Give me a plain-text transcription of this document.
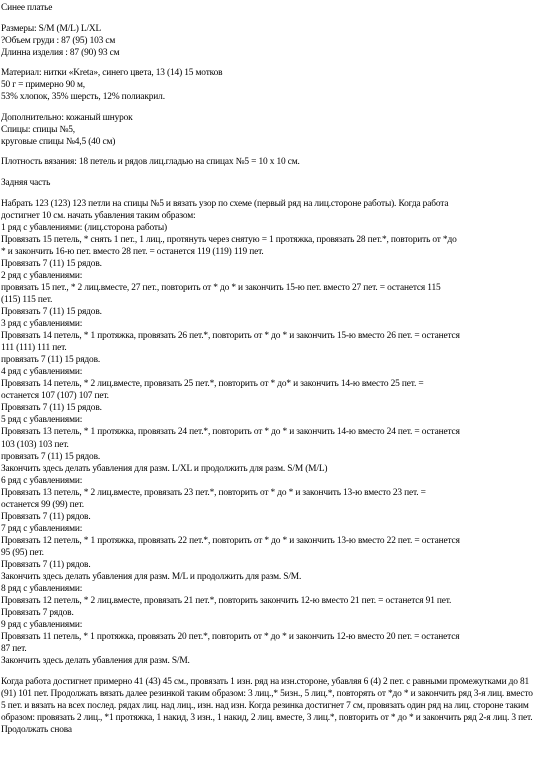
Синее платье
Размеры: S/M (M/L) L/XL
?Объем груди : 87 (95) 103 см
Длинна изделия : 87 (90) 93 см
Материал: нитки «Kreta», синего цвета, 13 (14) 15 мотков
50 г = примерно 90 м,
53% хлопок, 35% шерсть, 12% полиакрил.
Дополнительно: кожаный шнурок
Спицы: спицы №5,
круговые спицы №4,5 (40 см)
Плотность вязания: 18 петель и рядов лиц.гладью на спицах №5 = 10 х 10 см.
Задняя часть
Набрать 123 (123) 123 петли на спицы №5 и вязать узор по схеме (первый ряд на лиц.стороне работы). Когда работа
достигнет 10 см. начать убавления таким образом:
1 ряд с убавлениями: (лиц.сторона работы)
Провязать 15 петель, * снять 1 пет., 1 лиц., протянуть через снятую = 1 протяжка, провязать 28 пет.*, повторить от *до
* и закончить 16-ю пет. вместо 28 пет. = останется 119 (119) 119 пет.
Провязать 7 (11) 15 рядов.
2 ряд с убавлениями:
провязать 15 пет., * 2 лиц.вместе, 27 пет., повторить от * до * и закончить 15-ю пет. вместо 27 пет. = останется 115
(115) 115 пет.
Провязать 7 (11) 15 рядов.
3 ряд с убавлениями:
Провязать 14 петель, * 1 протяжка, провязать 26 пет.*, повторить от * до * и закончить 15-ю вместо 26 пет. = останется
111 (111) 111 пет.
провязать 7 (11) 15 рядов.
4 ряд с убавлениями:
Провязать 14 петель, * 2 лиц.вместе, провязать 25 пет.*, повторить от * до* и закончить 14-ю вместо 25 пет. =
останется 107 (107) 107 пет.
Провязать 7 (11) 15 рядов.
5 ряд с убавлениями:
Провязать 13 петель, * 1 протяжка, провязать 24 пет.*, повторить от * до * и закончить 14-ю вместо 24 пет. = останется
103 (103) 103 пет.
провязать 7 (11) 15 рядов.
Закончить здесь делать убавления для разм. L/XL и продолжить для разм. S/M (M/L)
6 ряд с убавлениями:
Провязать 13 петель, * 2 лиц.вместе, провязать 23 пет.*, повторить от * до * и закончить 13-ю вместо 23 пет. =
останется 99 (99) пет.
Провязать 7 (11) рядов.
7 ряд с убавлениями:
Провязать 12 петель, * 1 протяжка, провязать 22 пет.*, повторить от * до * и закончить 13-ю вместо 22 пет. = останется
95 (95) пет.
Провязать 7 (11) рядов.
Закончить здесь делать убавления для разм. M/L и продолжить для разм. S/M.
8 ряд с убавлениями:
Провязать 12 петель, * 2 лиц.вместе, провязать 21 пет.*, повторить закончить 12-ю вместо 21 пет. = останется 91 пет.
Провязать 7 рядов.
9 ряд с убавлениями:
Провязать 11 петель, * 1 протяжка, провязать 20 пет.*, повторить от * до * и закончить 12-ю вместо 20 пет. = останется
87 пет.
Закончить здесь делать убавления для разм. S/M.
Когда работа достигнет примерно 41 (43) 45 см., провязать 1 изн. ряд на изн.стороне, убавляя 6 (4) 2 пет. с равными промежутками до 81 (91) 101 пет. Продолжать вязать далее резинкой таким образом: 3 лиц.,* 5изн., 5 лиц.*, повторять от *до * и закончить ряд 3-я лиц. вместо 5 пет. и вязать на всех послед. рядах лиц. над лиц., изн. над изн. Когда резинка достигнет 7 см, провязать один ряд на лиц. стороне таким образом: провязать 2 лиц., *1 протяжка, 1 накид, 3 изн., 1 накид, 2 лиц. вместе, 3 лиц.*, повторить от * до * и закончить ряд 2-я лиц. 3 пет. Продолжать снова
